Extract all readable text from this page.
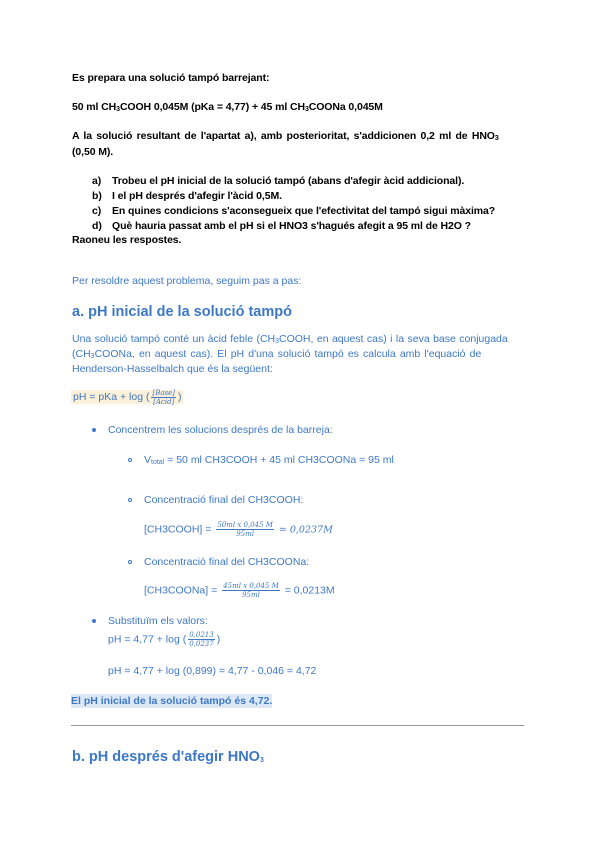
Es prepara una solució tampó barrejant:
50 ml $CH_3COOH$ 0,045M (pKa = 4,77) + 45 ml $CH_3COONa$ 0,045M
A la solució resultant de l'apartat a), amb posterioritat, s'addicionen 0,2 ml de $HNO_3$
(0,50 M).
a) Trobeu el pH inicial de la solució tampó (abans d'afegir àcid addicional).
b) I el pH després d'afegir l'àcid 0,5M.
c) En quines condicions s'aconsegueix que l'efectivitat del tampó sigui màxima?
d) Què hauria passat amb el pH si el HNO3 s'hagués afegit a 95 ml de H2O ?
Raoneu les respostes.
Per resoldre aquest problema, seguim pas a pas:
a. pH inicial de la solució tampó
Una solució tampó conté un àcid feble ($CH_3COOH$, en aquest cas) i la seva base conjugada
($CH_3COONa$, en aquest cas). El pH d'una solució tampó es calcula amb l'equació de
Henderson-Hasselbalch que és la següent:
pH = pKa + log ( $\frac{\text{[Base]}}{\text{[Àcid]}}$ )
Concentrem les solucions després de la barreja:
$V_{total} = 50$ ml CH3COOH + 45 ml CH3COONa = 95 ml
Concentració final del CH3COOH:
[CH3COOH] = $\frac{\text{50ml x 0,045 M}}{95ml} = 0,0237M$
Concentració final del CH3COONa:
[CH3COONa] = $\frac{\text{45ml x 0,045 M}}{95ml} = 0,0213M$
Substituïm els valors:
pH = 4,77 + log ( $\frac{0,0213}{0,0237}$ )
pH = 4,77 + log (0,899) = 4,77 - 0,046 = 4,72
El pH inicial de la solució tampó és 4,72.
b. pH després d'afegir $HNO_3$
